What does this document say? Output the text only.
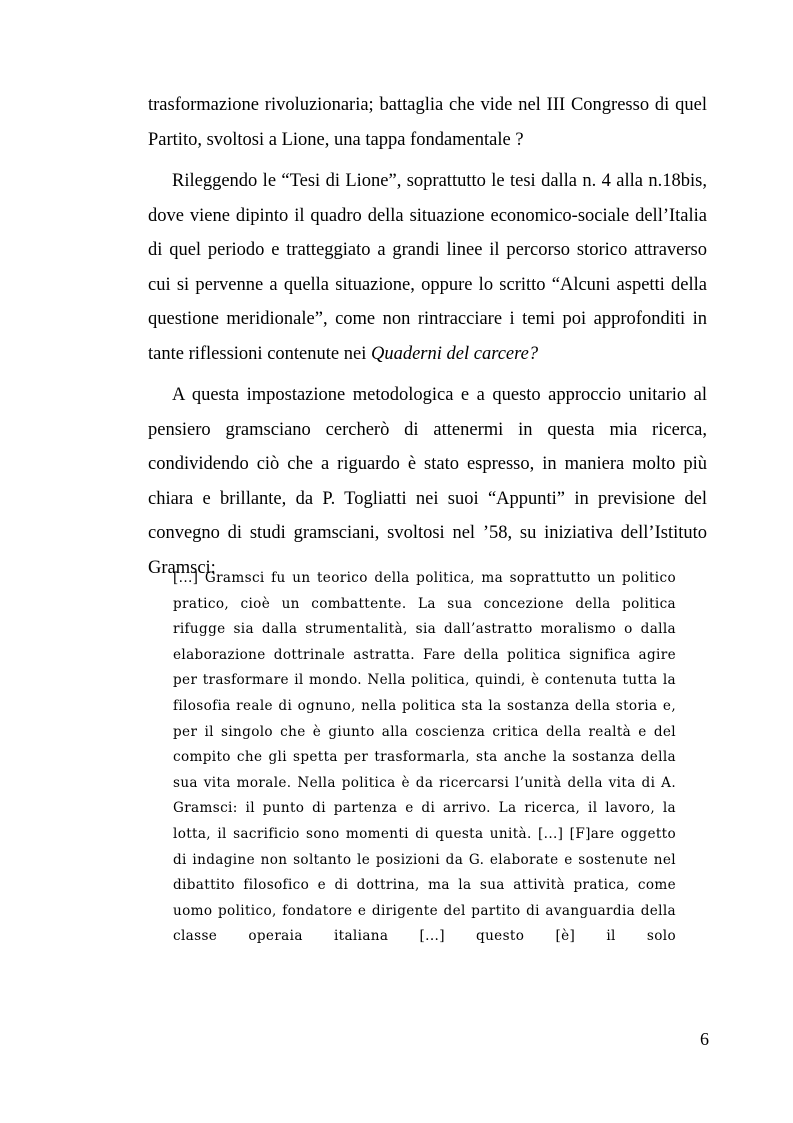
trasformazione rivoluzionaria; battaglia che vide nel III Congresso di quel Partito, svoltosi a Lione, una tappa fondamentale ?

Rileggendo le “Tesi di Lione”, soprattutto le tesi dalla n. 4 alla n.18bis, dove viene dipinto il quadro della situazione economico-sociale dell’Italia di quel periodo e tratteggiato a grandi linee il percorso storico attraverso cui si pervenne a quella situazione, oppure lo scritto “Alcuni aspetti della questione meridionale”, come non rintracciare i temi poi approfonditi in tante riflessioni contenute nei Quaderni del carcere?

A questa impostazione metodologica e a questo approccio unitario al pensiero gramsciano cercherò di attenermi in questa mia ricerca, condividendo ciò che a riguardo è stato espresso, in maniera molto più chiara e brillante, da P. Togliatti nei suoi “Appunti” in previsione del convegno di studi gramsciani, svoltosi nel ’58, su iniziativa dell’Istituto Gramsci:

[...] Gramsci fu un teorico della politica, ma soprattutto un politico pratico, cioè un combattente. La sua concezione della politica rifugge sia dalla strumentalità, sia dall’astratto moralismo o dalla elaborazione dottrinale astratta. Fare della politica significa agire per trasformare il mondo. Nella politica, quindi, è contenuta tutta la filosofia reale di ognuno, nella politica sta la sostanza della storia e, per il singolo che è giunto alla coscienza critica della realtà e del compito che gli spetta per trasformarla, sta anche la sostanza della sua vita morale. Nella politica è da ricercarsi l’unità della vita di A. Gramsci: il punto di partenza e di arrivo. La ricerca, il lavoro, la lotta, il sacrificio sono momenti di questa unità. [...] [F]are oggetto di indagine non soltanto le posizioni da G. elaborate e sostenute nel dibattito filosofico e di dottrina, ma la sua attività pratica, come uomo politico, fondatore e dirigente del partito di avanguardia della classe operaia italiana [...] questo [è] il solo

6
